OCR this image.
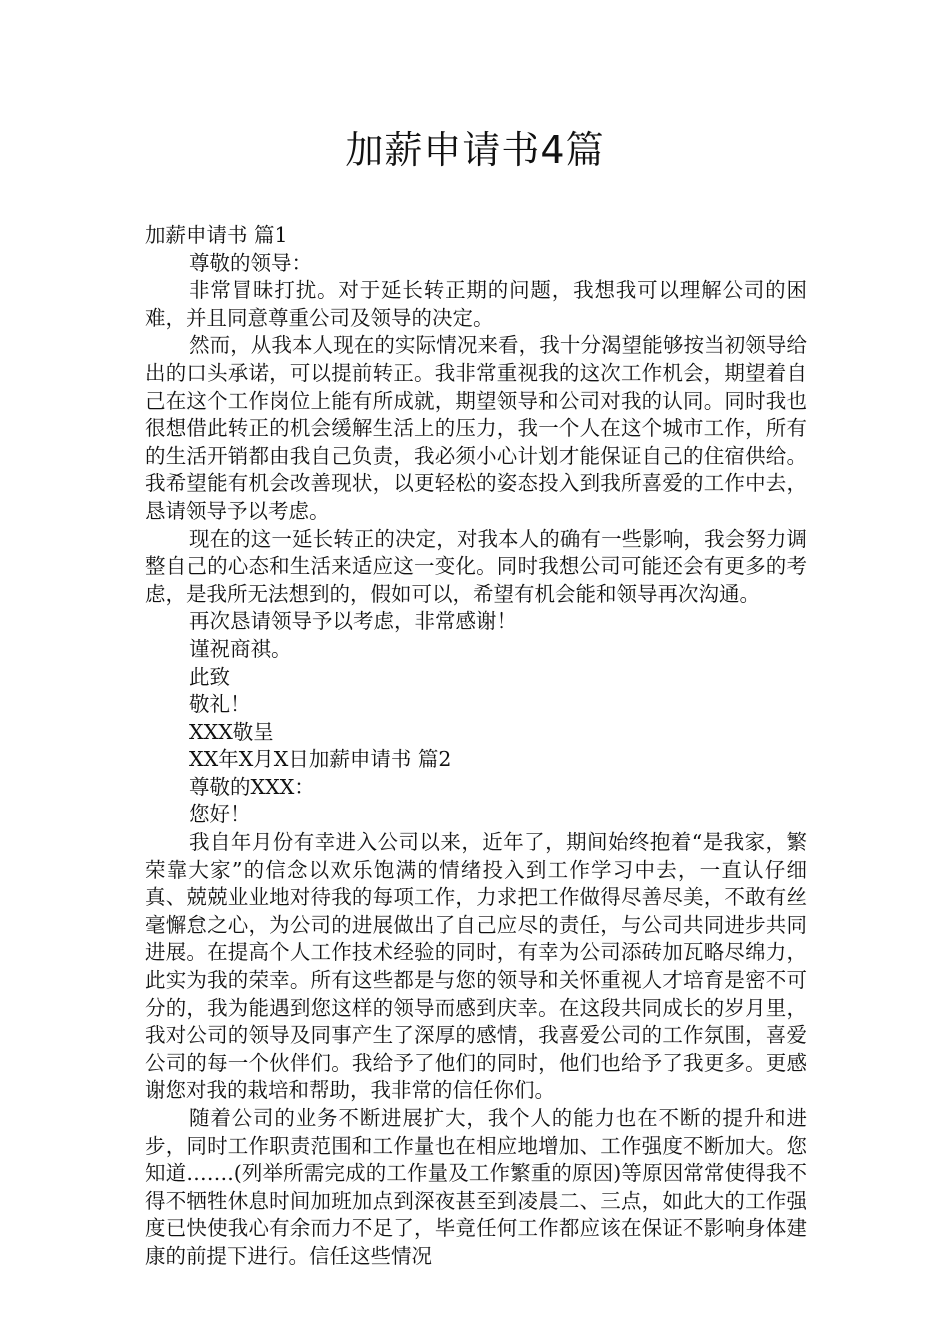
加薪申请书4篇

加薪申请书 篇1

尊敬的领导：

非常冒昧打扰。对于延长转正期的问题，我想我可以理解公司的困难，并且同意尊重公司及领导的决定。

然而，从我本人现在的实际情况来看，我十分渴望能够按当初领导给出的口头承诺，可以提前转正。我非常重视我的这次工作机会，期望着自己在这个工作岗位上能有所成就，期望领导和公司对我的认同。同时我也很想借此转正的机会缓解生活上的压力，我一个人在这个城市工作，所有的生活开销都由我自己负责，我必须小心计划才能保证自己的住宿供给。我希望能有机会改善现状，以更轻松的姿态投入到我所喜爱的工作中去，恳请领导予以考虑。

现在的这一延长转正的决定，对我本人的确有一些影响，我会努力调整自己的心态和生活来适应这一变化。同时我想公司可能还会有更多的考虑，是我所无法想到的，假如可以，希望有机会能和领导再次沟通。

再次恳请领导予以考虑，非常感谢！

谨祝商祺。

此致

敬礼！

XXX敬呈

XX年X月X日加薪申请书 篇2

尊敬的XXX：

您好！

我自年月份有幸进入公司以来，近年了，期间始终抱着“是我家，繁荣靠大家”的信念以欢乐饱满的情绪投入到工作学习中去，一直认仔细真、兢兢业业地对待我的每项工作，力求把工作做得尽善尽美，不敢有丝毫懈怠之心，为公司的进展做出了自己应尽的责任，与公司共同进步共同进展。在提高个人工作技术经验的同时，有幸为公司添砖加瓦略尽绵力，此实为我的荣幸。所有这些都是与您的领导和关怀重视人才培育是密不可分的，我为能遇到您这样的领导而感到庆幸。在这段共同成长的岁月里，我对公司的领导及同事产生了深厚的感情，我喜爱公司的工作氛围，喜爱公司的每一个伙伴们。我给予了他们的同时，他们也给予了我更多。更感谢您对我的栽培和帮助，我非常的信任你们。

随着公司的业务不断进展扩大，我个人的能力也在不断的提升和进步，同时工作职责范围和工作量也在相应地增加、工作强度不断加大。您知道…….(列举所需完成的工作量及工作繁重的原因)等原因常常使得我不得不牺牲休息时间加班加点到深夜甚至到凌晨二、三点，如此大的工作强度已快使我心有余而力不足了，毕竟任何工作都应该在保证不影响身体建康的前提下进行。信任这些情况
